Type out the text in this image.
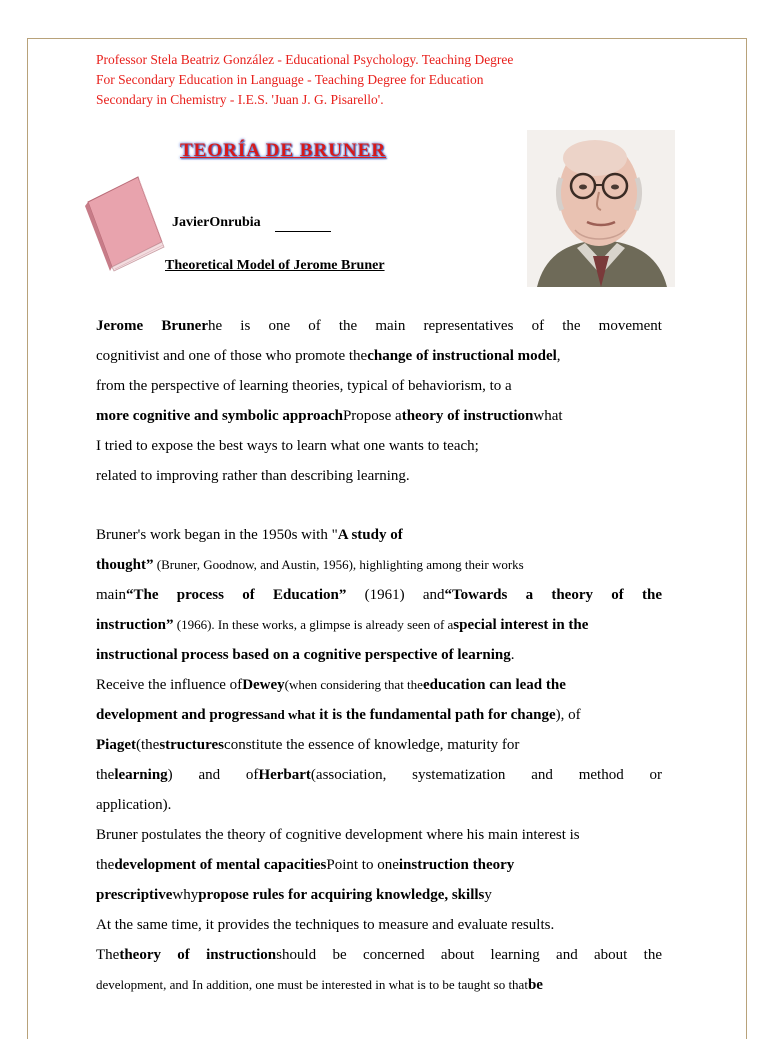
Professor Stela Beatriz González - Educational Psychology. Teaching Degree
For Secondary Education in Language - Teaching Degree for Education
Secondary in Chemistry - I.E.S. 'Juan J. G. Pisarello'.
TEORÍA DE BRUNER
JavierOnrubia
Theoretical Model of Jerome Bruner
Jerome Brunerhe is one of the main representatives of the movement
cognitivist and one of those who promote thechange of instructional model,
from the perspective of learning theories, typical of behaviorism, to a
more cognitive and symbolic approachPropose atheory of instructionwhat
I tried to expose the best ways to learn what one wants to teach;
related to improving rather than describing learning.
Bruner's work began in the 1950s with "A study of
thought” (Bruner, Goodnow, and Austin, 1956), highlighting among their works
main“The process of Education” (1961) and“Towards a theory of the
instruction” (1966). In these works, a glimpse is already seen of aspecial interest in the
instructional process based on a cognitive perspective of learning.
Receive the influence ofDewey(when considering that theeducation can lead the
development and progressand what it is the fundamental path for change), of
Piaget(thestructuresconstitute the essence of knowledge, maturity for
thelearning) and ofHerbart(association, systematization and method or
application).
Bruner postulates the theory of cognitive development where his main interest is
thedevelopment of mental capacitiesPoint to oneinstruction theory
prescriptivewhypropose rules for acquiring knowledge, skillsy
At the same time, it provides the techniques to measure and evaluate results.
Thetheory of instructionshould be concerned about learning and about the
development, and In addition, one must be interested in what is to be taught so thatbe
